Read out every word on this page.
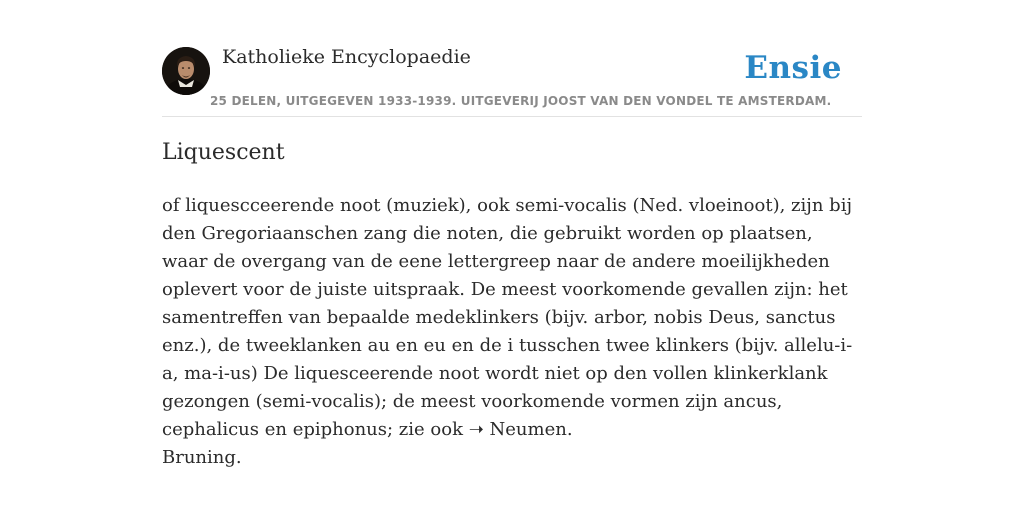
Katholieke Encyclopaedie
25 DELEN, UITGEGEVEN 1933-1939. UITGEVERIJ JOOST VAN DEN VONDEL TE AMSTERDAM.
Ensie
Liquescent

of liquescceerende noot (muziek), ook semi-vocalis (Ned. vloeinoot), zijn bij den Gregoriaanschen zang die noten, die gebruikt worden op plaatsen, waar de overgang van de eene lettergreep naar de andere moeilijkheden oplevert voor de juiste uitspraak. De meest voorkomende gevallen zijn: het samentreffen van bepaalde medeklinkers (bijv. arbor, nobis Deus, sanctus enz.), de tweeklanken au en eu en de i tusschen twee klinkers (bijv. allelu-i-a, ma-i-us) De liquesceerende noot wordt niet op den vollen klinkerklank gezongen (semi-vocalis); de meest voorkomende vormen zijn ancus, cephalicus en epiphonus; zie ook ➝ Neumen.
Bruning.
